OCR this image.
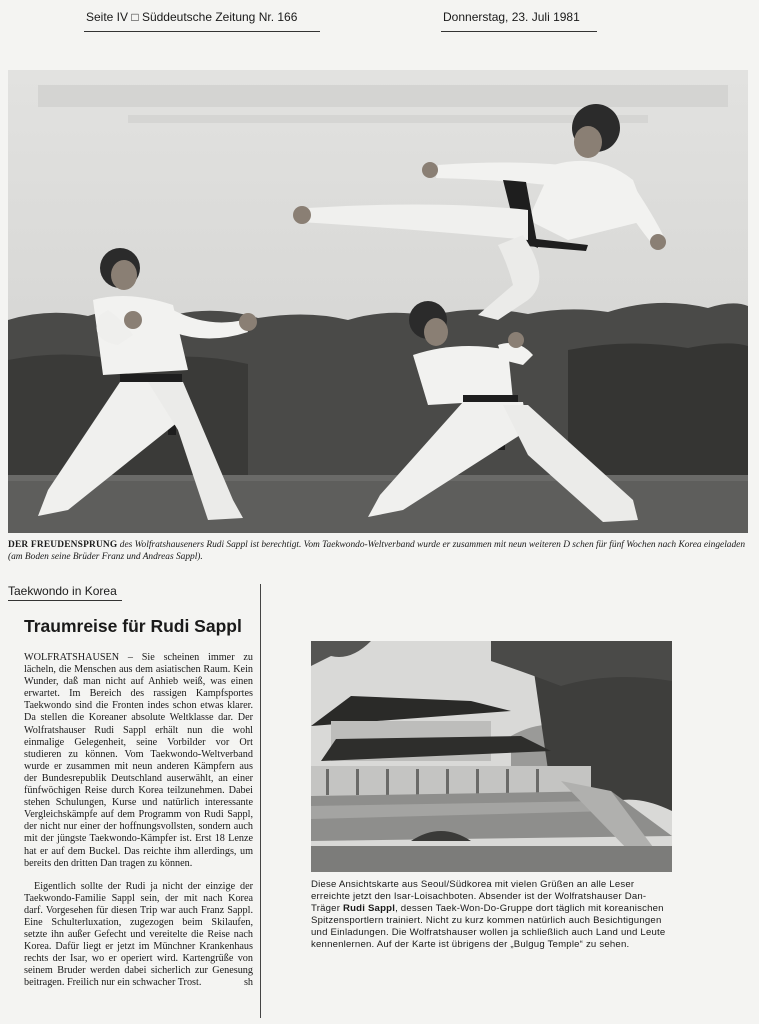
Seite IV □ Süddeutsche Zeitung Nr. 166	Donnerstag, 23. Juli 1981
DER FREUDENSPRUNG des Wolfratshauseners Rudi Sappl ist berechtigt. Vom Taekwondo-Weltverband wurde er zusammen mit neun weiteren D schen für fünf Wochen nach Korea eingeladen (am Boden seine Brüder Franz und Andreas Sappl).
Taekwondo in Korea
Traumreise für Rudi Sappl

WOLFRATSHAUSEN – Sie scheinen immer zu lächeln, die Menschen aus dem asiatischen Raum. Kein Wunder, daß man nicht auf Anhieb weiß, was einen erwartet. Im Bereich des rassigen Kampfsportes Taekwondo sind die Fronten indes schon etwas klarer. Da stellen die Koreaner absolute Weltklasse dar. Der Wolfratshauser Rudi Sappl erhält nun die wohl einmalige Gelegenheit, seine Vorbilder vor Ort studieren zu können. Vom Taekwondo-Weltverband wurde er zusammen mit neun anderen Kämpfern aus der Bundesrepublik Deutschland auserwählt, an einer fünfwöchigen Reise durch Korea teilzunehmen. Dabei stehen Schulungen, Kurse und natürlich interessante Vergleichskämpfe auf dem Programm von Rudi Sappl, der nicht nur einer der hoffnungsvollsten, sondern auch mit der jüngste Taekwondo-Kämpfer ist. Erst 18 Lenze hat er auf dem Buckel. Das reichte ihm allerdings, um bereits den dritten Dan tragen zu können.

Eigentlich sollte der Rudi ja nicht der einzige der Taekwondo-Familie Sappl sein, der mit nach Korea darf. Vorgesehen für diesen Trip war auch Franz Sappl. Eine Schulterluxation, zugezogen beim Skilaufen, setzte ihn außer Gefecht und vereitelte die Reise nach Korea. Dafür liegt er jetzt im Münchner Krankenhaus rechts der Isar, wo er operiert wird. Kartengrüße von seinem Bruder werden dabei sicherlich zur Genesung beitragen. Freilich nur ein schwacher Trost.	sh

Diese Ansichtskarte aus Seoul/Südkorea mit vielen Grüßen an alle Leser erreichte jetzt den Isar-Loisachboten. Absender ist der Wolfratshauser Dan-Träger Rudi Sappl, dessen Taek-Won-Do-Gruppe dort täglich mit koreanischen Spitzensportlern trainiert. Nicht zu kurz kommen natürlich auch Besichtigungen und Einladungen. Die Wolfratshauser wollen ja schließlich auch Land und Leute kennenlernen. Auf der Karte ist übrigens der „Bulgug Temple“ zu sehen.
